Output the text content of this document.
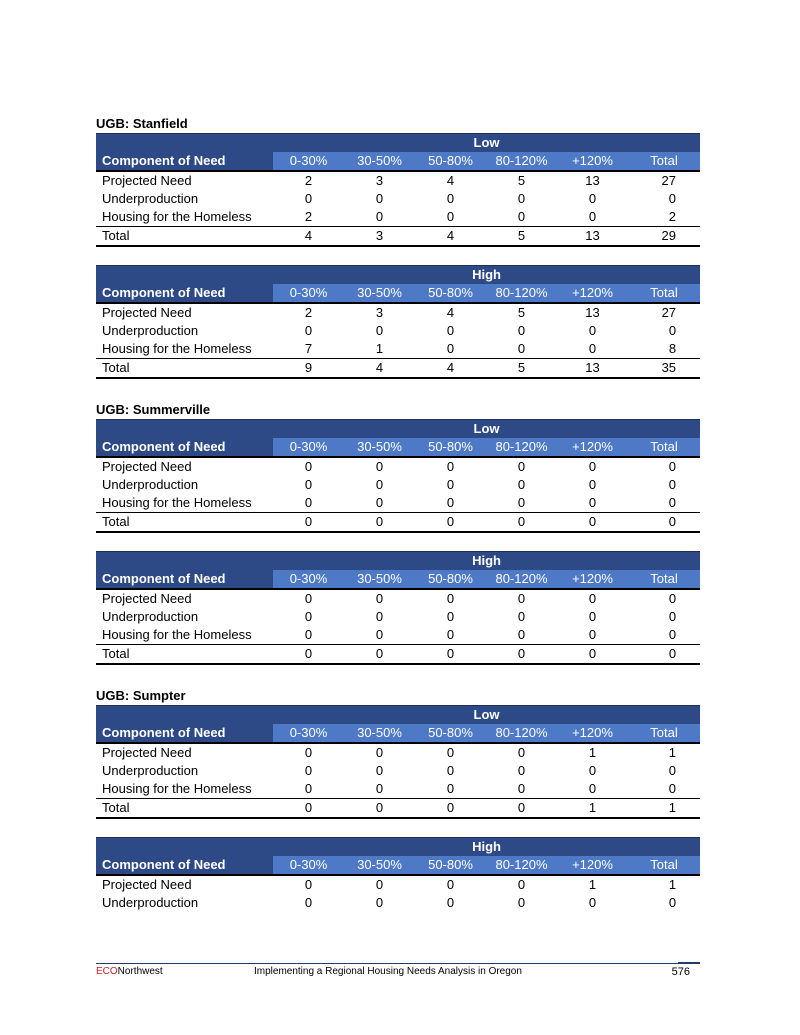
UGB: Stanfield
Low						
Component of Need	0-30%	30-50%	50-80%	80-120%	+120%	Total
Projected Need	2	3	4	5	13	27
Underproduction	0	0	0	0	0	0
Housing for the Homeless	2	0	0	0	0	2
Total	4	3	4	5	13	29
High						
Component of Need	0-30%	30-50%	50-80%	80-120%	+120%	Total
Projected Need	2	3	4	5	13	27
Underproduction	0	0	0	0	0	0
Housing for the Homeless	7	1	0	0	0	8
Total	9	4	4	5	13	35
UGB: Summerville
Low						
Component of Need	0-30%	30-50%	50-80%	80-120%	+120%	Total
Projected Need	0	0	0	0	0	0
Underproduction	0	0	0	0	0	0
Housing for the Homeless	0	0	0	0	0	0
Total	0	0	0	0	0	0
High						
Component of Need	0-30%	30-50%	50-80%	80-120%	+120%	Total
Projected Need	0	0	0	0	0	0
Underproduction	0	0	0	0	0	0
Housing for the Homeless	0	0	0	0	0	0
Total	0	0	0	0	0	0
UGB: Sumpter
Low						
Component of Need	0-30%	30-50%	50-80%	80-120%	+120%	Total
Projected Need	0	0	0	0	1	1
Underproduction	0	0	0	0	0	0
Housing for the Homeless	0	0	0	0	0	0
Total	0	0	0	0	1	1
High						
Component of Need	0-30%	30-50%	50-80%	80-120%	+120%	Total
Projected Need	0	0	0	0	1	1
Underproduction	0	0	0	0	0	0
ECONorthwest	Implementing a Regional Housing Needs Analysis in Oregon	576
